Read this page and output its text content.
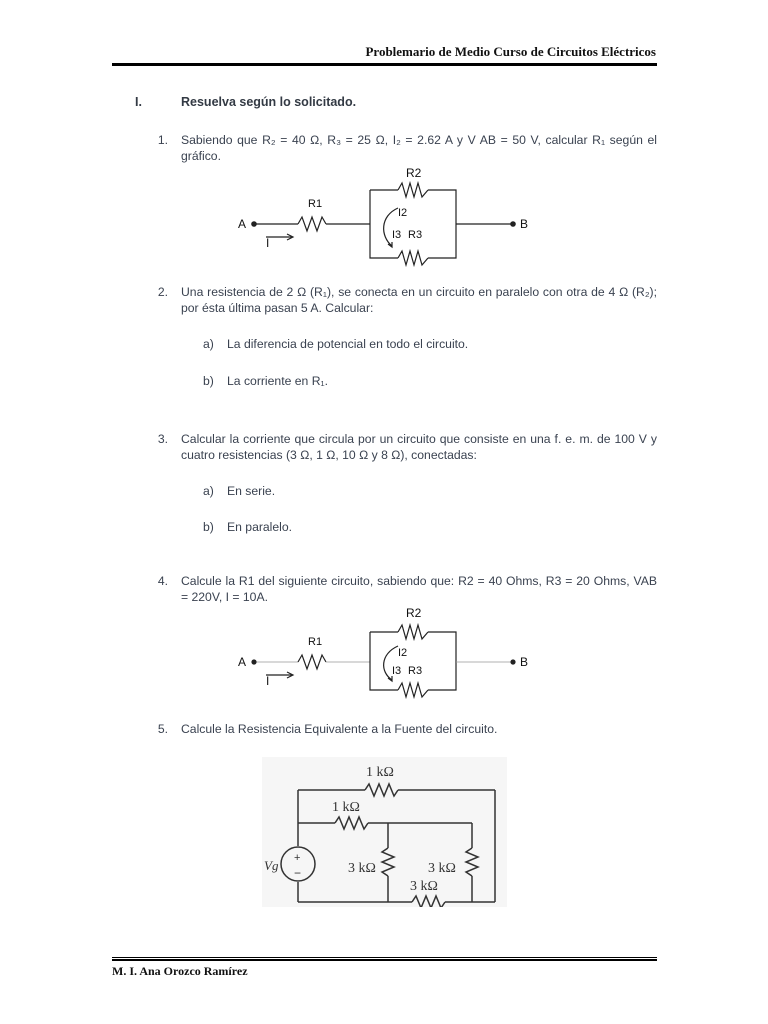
Problemario de Medio Curso de Circuitos Eléctricos
I.	Resuelva según lo solicitado.
1. Sabiendo que R₂ = 40 Ω, R₃ = 25 Ω, I₂ = 2.62 A y V AB = 50 V, calcular R₁ según el gráfico.
A	B
I
R1
R2
I2
I3 R3
2. Una resistencia de 2 Ω (R₁), se conecta en un circuito en paralelo con otra de 4 Ω (R₂); por ésta última pasan 5 A. Calcular:
a)	La diferencia de potencial en todo el circuito.
b)	La corriente en R₁.
3. Calcular la corriente que circula por un circuito que consiste en una f. e. m. de 100 V y cuatro resistencias (3 Ω, 1 Ω, 10 Ω y 8 Ω), conectadas:
a)	En serie.
b)	En paralelo.
4. Calcule la R1 del siguiente circuito, sabiendo que: R2 = 40 Ohms, R3 = 20 Ohms, VAB = 220V, I = 10A.
A	B
I
R1
R2
I2
I3 R3
5. Calcule la Resistencia Equivalente a la Fuente del circuito.
+
−
Vg
1 kΩ
1 kΩ
3 kΩ	3 kΩ
3 kΩ
M. I. Ana Orozco Ramírez
